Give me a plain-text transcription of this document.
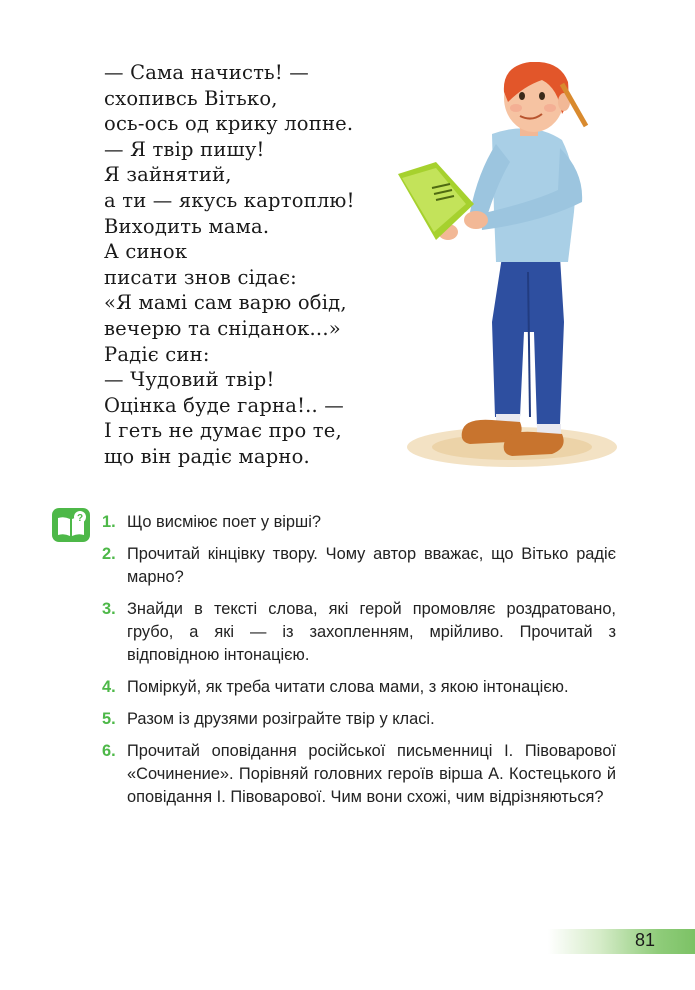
— Сама начисть! —
схопивсь Вітько,
ось-ось од крику лопне.
— Я твір пишу!
Я зайнятий,
а ти — якусь картоплю!
Виходить мама.
А синок
писати знов сідає:
«Я мамі сам варю обід,
вечерю та сніданок...»
Радіє син:
— Чудовий твір!
Оцінка буде гарна!.. —
І геть не думає про те,
що він радіє марно.
? 1. Що висміює поет у вірші?
2. Прочитай кінцівку твору. Чому автор вважає, що Вітько радіє марно?
3. Знайди в тексті слова, які герой промовляє роздратовано, грубо, а які — із захопленням, мрійливо. Прочитай з відповідною інтонацією.
4. Поміркуй, як треба читати слова мами, з якою інтонацією.
5. Разом із друзями розіграйте твір у класі.
6. Прочитай оповідання російської письменниці І. Півоварової «Сочинение». Порівняй головних героїв вірша А. Костецького й оповідання І. Півоварової. Чим вони схожі, чим відрізняються?
81
